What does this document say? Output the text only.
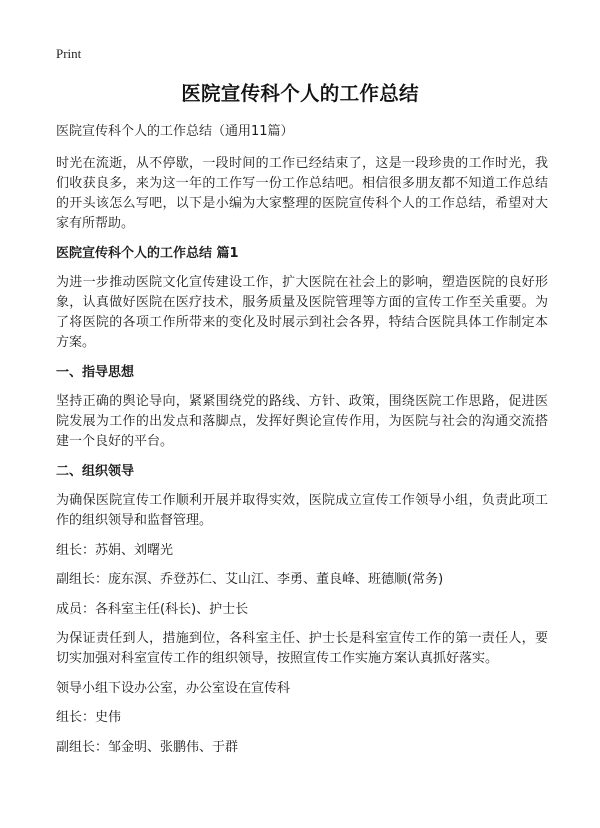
Print
医院宣传科个人的工作总结
医院宣传科个人的工作总结（通用11篇）
时光在流逝，从不停歇，一段时间的工作已经结束了，这是一段珍贵的工作时光，我们收获良多，来为这一年的工作写一份工作总结吧。相信很多朋友都不知道工作总结的开头该怎么写吧，以下是小编为大家整理的医院宣传科个人的工作总结，希望对大家有所帮助。
医院宣传科个人的工作总结 篇1
为进一步推动医院文化宣传建设工作，扩大医院在社会上的影响，塑造医院的良好形象，认真做好医院在医疗技术，服务质量及医院管理等方面的宣传工作至关重要。为了将医院的各项工作所带来的变化及时展示到社会各界，特结合医院具体工作制定本方案。
一、指导思想
坚持正确的舆论导向，紧紧围绕党的路线、方针、政策，围绕医院工作思路，促进医院发展为工作的出发点和落脚点，发挥好舆论宣传作用，为医院与社会的沟通交流搭建一个良好的平台。
二、组织领导
为确保医院宣传工作顺利开展并取得实效，医院成立宣传工作领导小组，负责此项工作的组织领导和监督管理。
组长：苏娟、刘曙光
副组长：庞东溟、乔登苏仁、艾山江、李勇、董良峰、班德顺(常务)
成员：各科室主任(科长)、护士长
为保证责任到人，措施到位，各科室主任、护士长是科室宣传工作的第一责任人，要切实加强对科室宣传工作的组织领导，按照宣传工作实施方案认真抓好落实。
领导小组下设办公室，办公室设在宣传科
组长：史伟
副组长：邹金明、张鹏伟、于群
